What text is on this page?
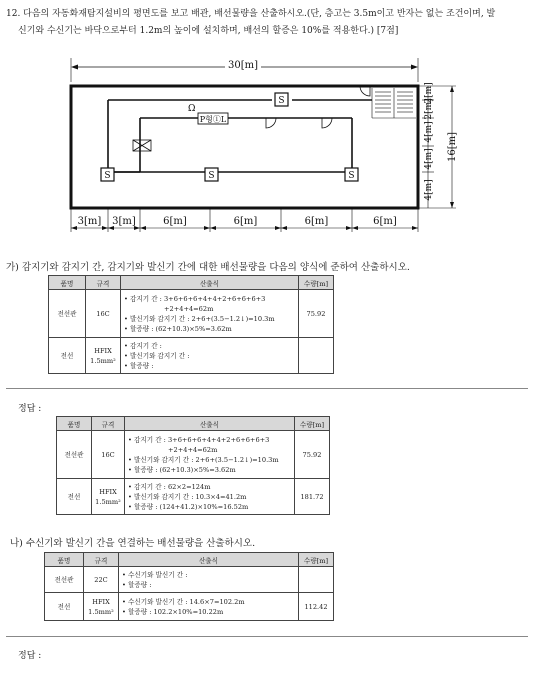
12. 다음의 자동화재탐지설비의 평면도를 보고 배관, 배선물량을 산출하시오.(단, 층고는 3.5m이고 반자는 없는 조건이며, 발
신기와 수신기는 바닥으로부터 1.2m의 높이에 설치하며, 배선의 할증은 10%를 적용한다.) [7점]
30[m]
Ω
P형①L
S
S	S	S
3[m] 3[m]	6[m]	6[m]	6[m]	6[m]
2[m]
2[m]
4[m]
4[m]
4[m]
16[m]
가) 감지기와 감지기 간, 감지기와 발신기 간에 대한 배선물량을 다음의 양식에 준하여 산출하시오.
품명	규격	산출식	수량[m]
전선관	16C	• 감지기 간 : 3+6+6+6+4+4+2+6+6+6+3
+2+4+4=62m
• 발신기와 감지기 간 : 2+6+(3.5−1.2↓)=10.3m
• 할증량 : (62+10.3)×5%=3.62m	75.92
전선	HFIX
1.5mm²	• 감지기 간 :
• 발신기와 감지기 간 :
• 할증량 :	

정답 :
품명	규격	산출식	수량[m]
전선관	16C	• 감지기 간 : 3+6+6+6+4+4+2+6+6+6+3
+2+4+4=62m
• 발신기와 감지기 간 : 2+6+(3.5−1.2↓)=10.3m
• 할증량 : (62+10.3)×5%=3.62m	75.92
전선	HFIX
1.5mm²	• 감지기 간 : 62×2=124m
• 발신기와 감지기 간 : 10.3×4=41.2m
• 할증량 : (124+41.2)×10%=16.52m	181.72
나) 수신기와 발신기 간을 연결하는 배선물량을 산출하시오.
품명	규격	산출식	수량[m]
전선관	22C	• 수신기와 발신기 간 :
• 할증량 :	

전선	HFIX
1.5mm²	• 수신기와 발신기 간 : 14.6×7=102.2m
• 할증량 : 102.2×10%=10.22m	112.42
정답 :
